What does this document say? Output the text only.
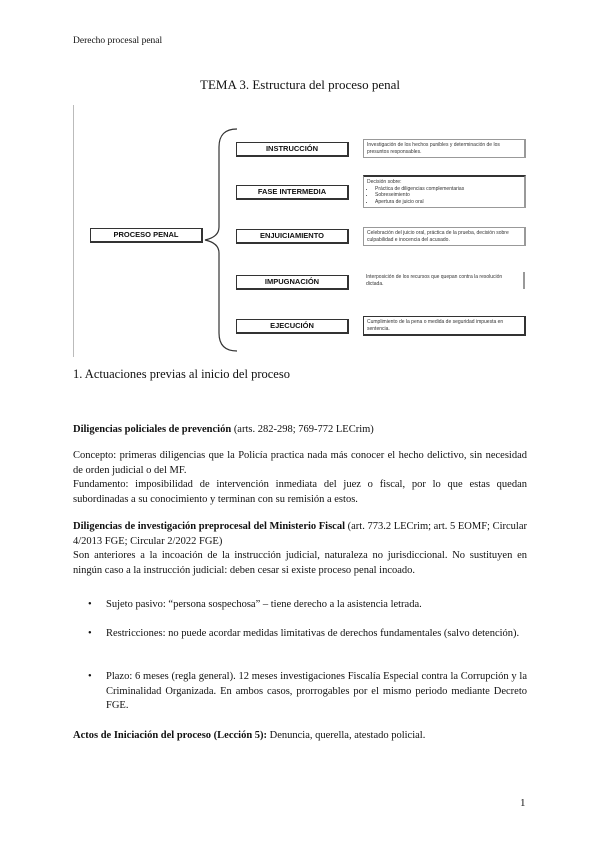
Derecho procesal penal
TEMA 3. Estructura del proceso penal
PROCESO PENAL
INSTRUCCIÓN
FASE INTERMEDIA
ENJUICIAMIENTO
IMPUGNACIÓN
EJECUCIÓN
Investigación de los hechos punibles y determinación de los presuntos responsables.
Decisión sobre:
• Práctica de diligencias complementarias
• Sobreseimiento
• Apertura de juicio oral
Celebración del juicio oral, práctica de la prueba, decisión sobre culpabilidad e inocencia del acusado.
Interposición de los recursos que quepan contra la resolución dictada.
Cumplimiento de la pena o medida de seguridad impuesta en sentencia.
1. Actuaciones previas al inicio del proceso
Diligencias policiales de prevención (arts. 282-298; 769-772 LECrim)
Concepto: primeras diligencias que la Policía practica nada más conocer el hecho delictivo, sin necesidad de orden judicial o del MF.
Fundamento: imposibilidad de intervención inmediata del juez o fiscal, por lo que estas quedan subordinadas a su conocimiento y terminan con su remisión a estos.
Diligencias de investigación preprocesal del Ministerio Fiscal (art. 773.2 LECrim; art. 5 EOMF; Circular 4/2013 FGE; Circular 2/2022 FGE)
Son anteriores a la incoación de la instrucción judicial, naturaleza no jurisdiccional. No sustituyen en ningún caso a la instrucción judicial: deben cesar si existe proceso penal incoado.
• Sujeto pasivo: “persona sospechosa” – tiene derecho a la asistencia letrada.
• Restricciones: no puede acordar medidas limitativas de derechos fundamentales (salvo detención).
• Plazo: 6 meses (regla general). 12 meses investigaciones Fiscalía Especial contra la Corrupción y la Criminalidad Organizada. En ambos casos, prorrogables por el mismo periodo mediante Decreto FGE.
Actos de Iniciación del proceso (Lección 5): Denuncia, querella, atestado policial.
1
